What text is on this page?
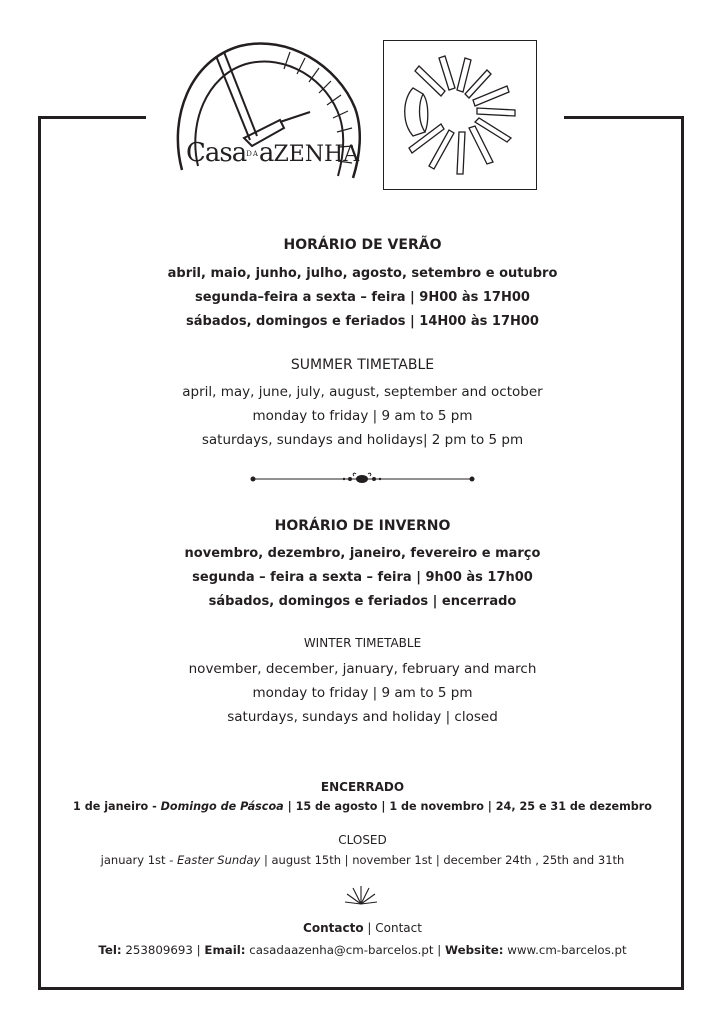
CasaDAaZENHA
HORÁRIO DE VERÃO
abril, maio, junho, julho, agosto, setembro e outubro
segunda–feira a sexta – feira | 9H00 às 17H00
sábados, domingos e feriados | 14H00 às 17H00
SUMMER TIMETABLE
april, may, june, july, august, september and october
monday to friday | 9 am to 5 pm
saturdays, sundays and holidays| 2 pm to 5 pm
HORÁRIO DE INVERNO
novembro, dezembro, janeiro, fevereiro e março
segunda – feira a sexta – feira | 9h00 às 17h00
sábados, domingos e feriados | encerrado
WINTER TIMETABLE
november, december, january, february and march
monday to friday | 9 am to 5 pm
saturdays, sundays and holiday | closed
ENCERRADO
1 de janeiro - Domingo de Páscoa | 15 de agosto | 1 de novembro | 24, 25 e 31 de dezembro
CLOSED
january 1st - Easter Sunday | august 15th | november 1st | december 24th , 25th and 31th
Contacto | Contact
Tel: 253809693 | Email: casadaazenha@cm-barcelos.pt | Website: www.cm-barcelos.pt
